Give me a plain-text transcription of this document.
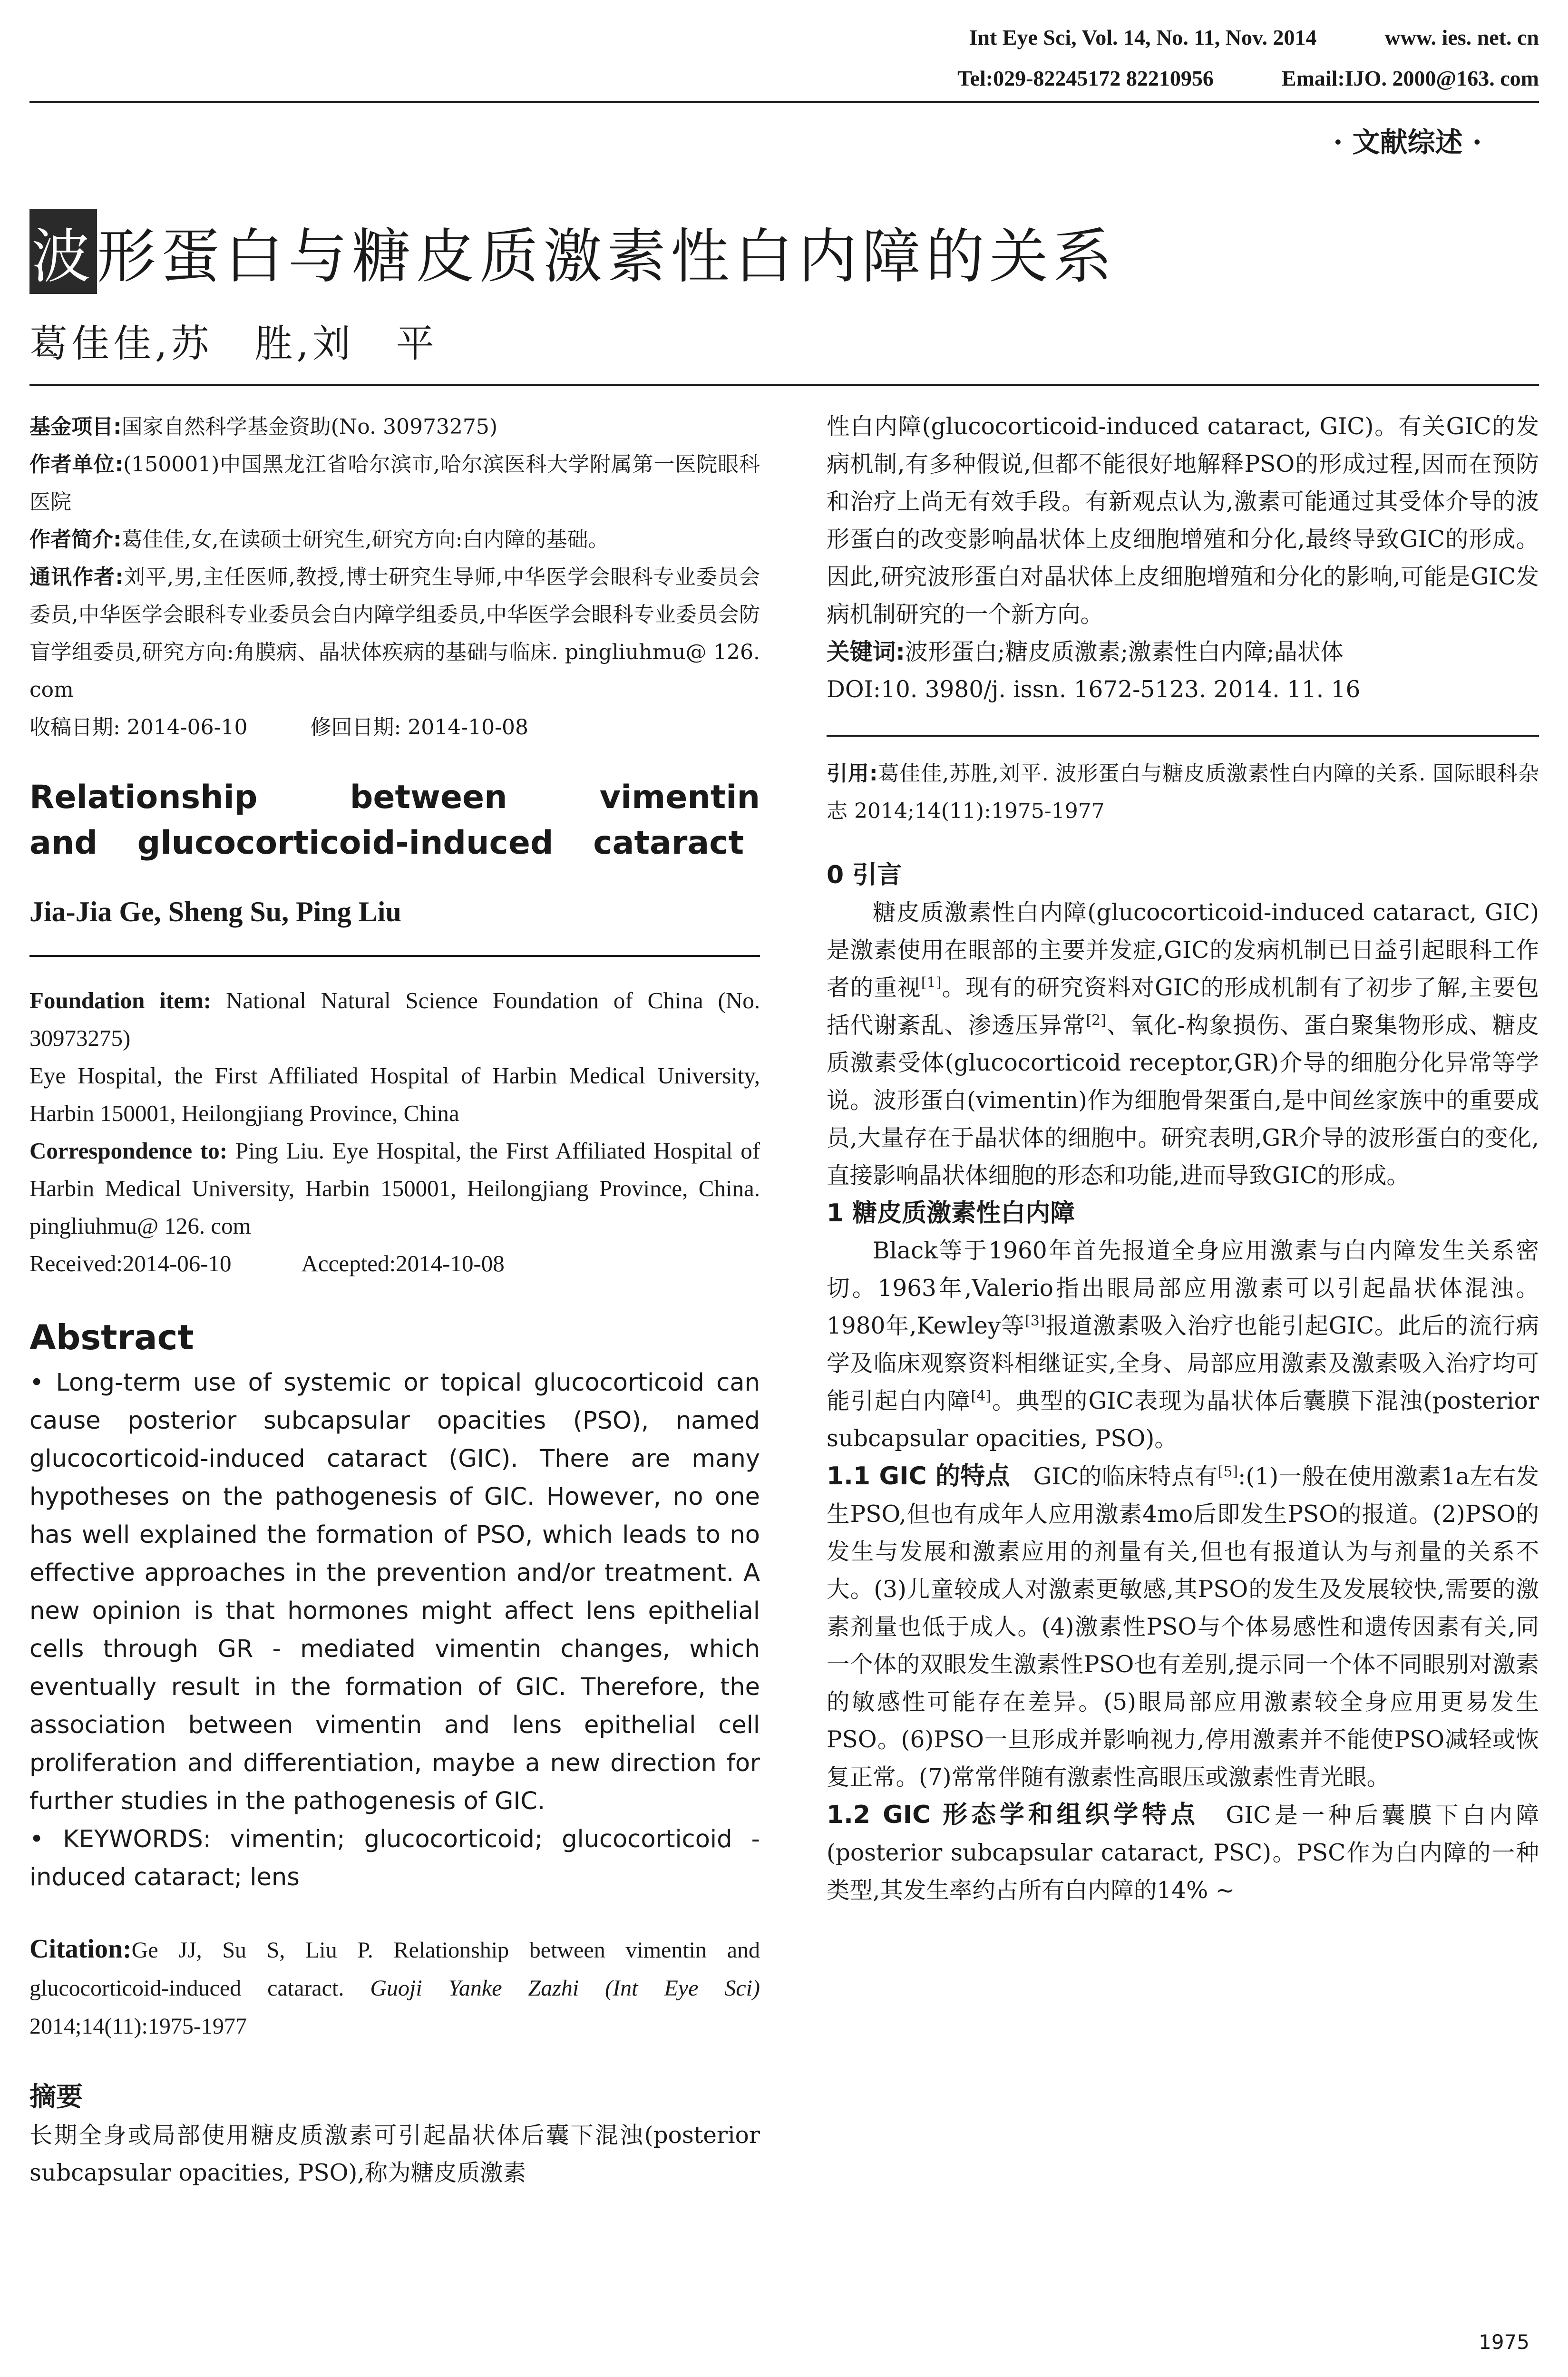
Int Eye Sci, Vol. 14, No. 11, Nov. 2014	www. ies. net. cn
Tel:029-82245172 82210956	Email:IJO. 2000@163. com
· 文献综述 ·
波形蛋白与糖皮质激素性白内障的关系
葛佳佳,苏　胜,刘　平
基金项目:国家自然科学基金资助(No. 30973275)
作者单位:(150001)中国黑龙江省哈尔滨市,哈尔滨医科大学附属第一医院眼科医院
作者简介:葛佳佳,女,在读硕士研究生,研究方向:白内障的基础。
通讯作者:刘平,男,主任医师,教授,博士研究生导师,中华医学会眼科专业委员会委员,中华医学会眼科专业委员会白内障学组委员,中华医学会眼科专业委员会防盲学组委员,研究方向:角膜病、晶状体疾病的基础与临床. pingliuhmu@ 126. com
收稿日期: 2014-06-10　　　修回日期: 2014-10-08
Relationship between vimentin and glucocorticoid-induced cataract
Jia-Jia Ge, Sheng Su, Ping Liu
Foundation item: National Natural Science Foundation of China (No. 30973275)
Eye Hospital, the First Affiliated Hospital of Harbin Medical University, Harbin 150001, Heilongjiang Province, China
Correspondence to: Ping Liu. Eye Hospital, the First Affiliated Hospital of Harbin Medical University, Harbin 150001, Heilongjiang Province, China. pingliuhmu@ 126. com
Received:2014-06-10　　　Accepted:2014-10-08
Abstract
• Long-term use of systemic or topical glucocorticoid can cause posterior subcapsular opacities (PSO), named glucocorticoid-induced cataract (GIC). There are many hypotheses on the pathogenesis of GIC. However, no one has well explained the formation of PSO, which leads to no effective approaches in the prevention and/or treatment. A new opinion is that hormones might affect lens epithelial cells through GR - mediated vimentin changes, which eventually result in the formation of GIC. Therefore, the association between vimentin and lens epithelial cell proliferation and differentiation, maybe a new direction for further studies in the pathogenesis of GIC.
• KEYWORDS: vimentin; glucocorticoid; glucocorticoid - induced cataract; lens
Citation:Ge JJ, Su S, Liu P. Relationship between vimentin and glucocorticoid-induced cataract. Guoji Yanke Zazhi (Int Eye Sci) 2014;14(11):1975-1977
摘要
长期全身或局部使用糖皮质激素可引起晶状体后囊下混浊(posterior subcapsular opacities, PSO),称为糖皮质激素
性白内障(glucocorticoid-induced cataract, GIC)。有关GIC的发病机制,有多种假说,但都不能很好地解释PSO的形成过程,因而在预防和治疗上尚无有效手段。有新观点认为,激素可能通过其受体介导的波形蛋白的改变影响晶状体上皮细胞增殖和分化,最终导致GIC的形成。因此,研究波形蛋白对晶状体上皮细胞增殖和分化的影响,可能是GIC发病机制研究的一个新方向。
关键词:波形蛋白;糖皮质激素;激素性白内障;晶状体
DOI:10. 3980/j. issn. 1672-5123. 2014. 11. 16
引用:葛佳佳,苏胜,刘平. 波形蛋白与糖皮质激素性白内障的关系. 国际眼科杂志 2014;14(11):1975-1977
0 引言
糖皮质激素性白内障(glucocorticoid-induced cataract, GIC)是激素使用在眼部的主要并发症,GIC的发病机制已日益引起眼科工作者的重视[1]。现有的研究资料对GIC的形成机制有了初步了解,主要包括代谢紊乱、渗透压异常[2]、氧化-构象损伤、蛋白聚集物形成、糖皮质激素受体(glucocorticoid receptor,GR)介导的细胞分化异常等学说。波形蛋白(vimentin)作为细胞骨架蛋白,是中间丝家族中的重要成员,大量存在于晶状体的细胞中。研究表明,GR介导的波形蛋白的变化,直接影响晶状体细胞的形态和功能,进而导致GIC的形成。
1 糖皮质激素性白内障
Black等于1960年首先报道全身应用激素与白内障发生关系密切。1963年,Valerio指出眼局部应用激素可以引起晶状体混浊。1980年,Kewley等[3]报道激素吸入治疗也能引起GIC。此后的流行病学及临床观察资料相继证实,全身、局部应用激素及激素吸入治疗均可能引起白内障[4]。典型的GIC表现为晶状体后囊膜下混浊(posterior subcapsular opacities, PSO)。
1.1 GIC 的特点　GIC的临床特点有[5]:(1)一般在使用激素1a左右发生PSO,但也有成年人应用激素4mo后即发生PSO的报道。(2)PSO的发生与发展和激素应用的剂量有关,但也有报道认为与剂量的关系不大。(3)儿童较成人对激素更敏感,其PSO的发生及发展较快,需要的激素剂量也低于成人。(4)激素性PSO与个体易感性和遗传因素有关,同一个体的双眼发生激素性PSO也有差别,提示同一个体不同眼别对激素的敏感性可能存在差异。(5)眼局部应用激素较全身应用更易发生PSO。(6)PSO一旦形成并影响视力,停用激素并不能使PSO减轻或恢复正常。(7)常常伴随有激素性高眼压或激素性青光眼。
1.2 GIC 形态学和组织学特点　GIC是一种后囊膜下白内障(posterior subcapsular cataract, PSC)。PSC作为白内障的一种类型,其发生率约占所有白内障的14% ~
1975
